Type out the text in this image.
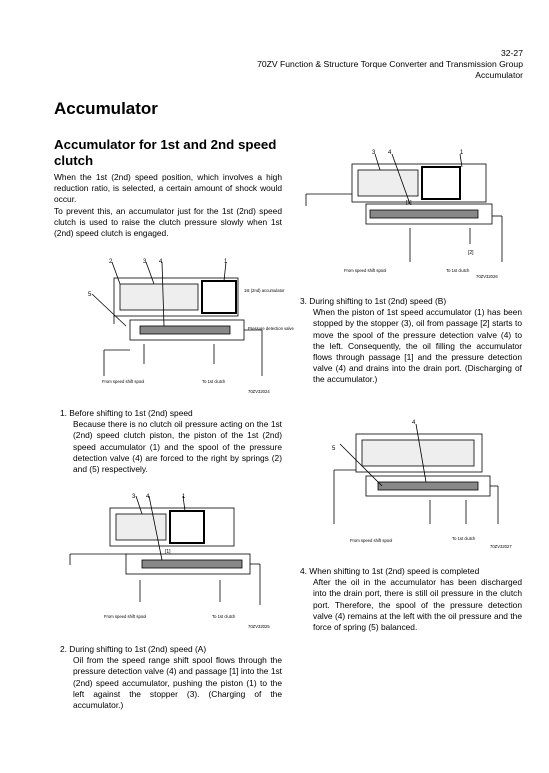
32-27
70ZV Function & Structure Torque Converter and Transmission Group
Accumulator
Accumulator
Accumulator for 1st and 2nd speed clutch
When the 1st (2nd) speed position, which involves a high reduction ratio, is selected, a certain amount of shock would occur.
To prevent this, an accumulator just for the 1st (2nd) speed clutch is used to raise the clutch pressure slowly when 1st (2nd) speed clutch is engaged.
2	3 4	1
5
1st (2nd) accumulator
Pressure detection valve
From speed shift spool	To 1st clutch
70ZV32024
1. Before shifting to 1st (2nd) speed
Because there is no clutch oil pressure acting on the 1st (2nd) speed clutch piston, the piston of the 1st (2nd) speed accumulator (1) and the spool of the pressure detection valve (4) are forced to the right by springs (2) and (5) respectively.
3 4	1
[1]
From speed shift spool	To 1st clutch
70ZV32025
2. During shifting to 1st (2nd) speed (A)
Oil from the speed range shift spool flows through the pressure detection valve (4) and passage [1] into the 1st (2nd) speed accumulator, pushing the piston (1) to the left against the stopper (3). (Charging of the accumulator.)
3 4	1
[1]
[2]
From speed shift spool	To 1st clutch
70ZV32026
3. During shifting to 1st (2nd) speed (B)
When the piston of 1st speed accumulator (1) has been stopped by the stopper (3), oil from passage [2] starts to move the spool of the pressure detection valve (4) to the left. Consequently, the oil filling the accumulator flows through passage [1] and the pressure detection valve (4) and drains into the drain port. (Discharging of the accumulator.)
4
5
From speed shift spool	To 1st clutch
70ZV32027
4. When shifting to 1st (2nd) speed is completed
After the oil in the accumulator has been discharged into the drain port, there is still oil pressure in the clutch port. Therefore, the spool of the pressure detection valve (4) remains at the left with the oil pressure and the force of spring (5) balanced.
